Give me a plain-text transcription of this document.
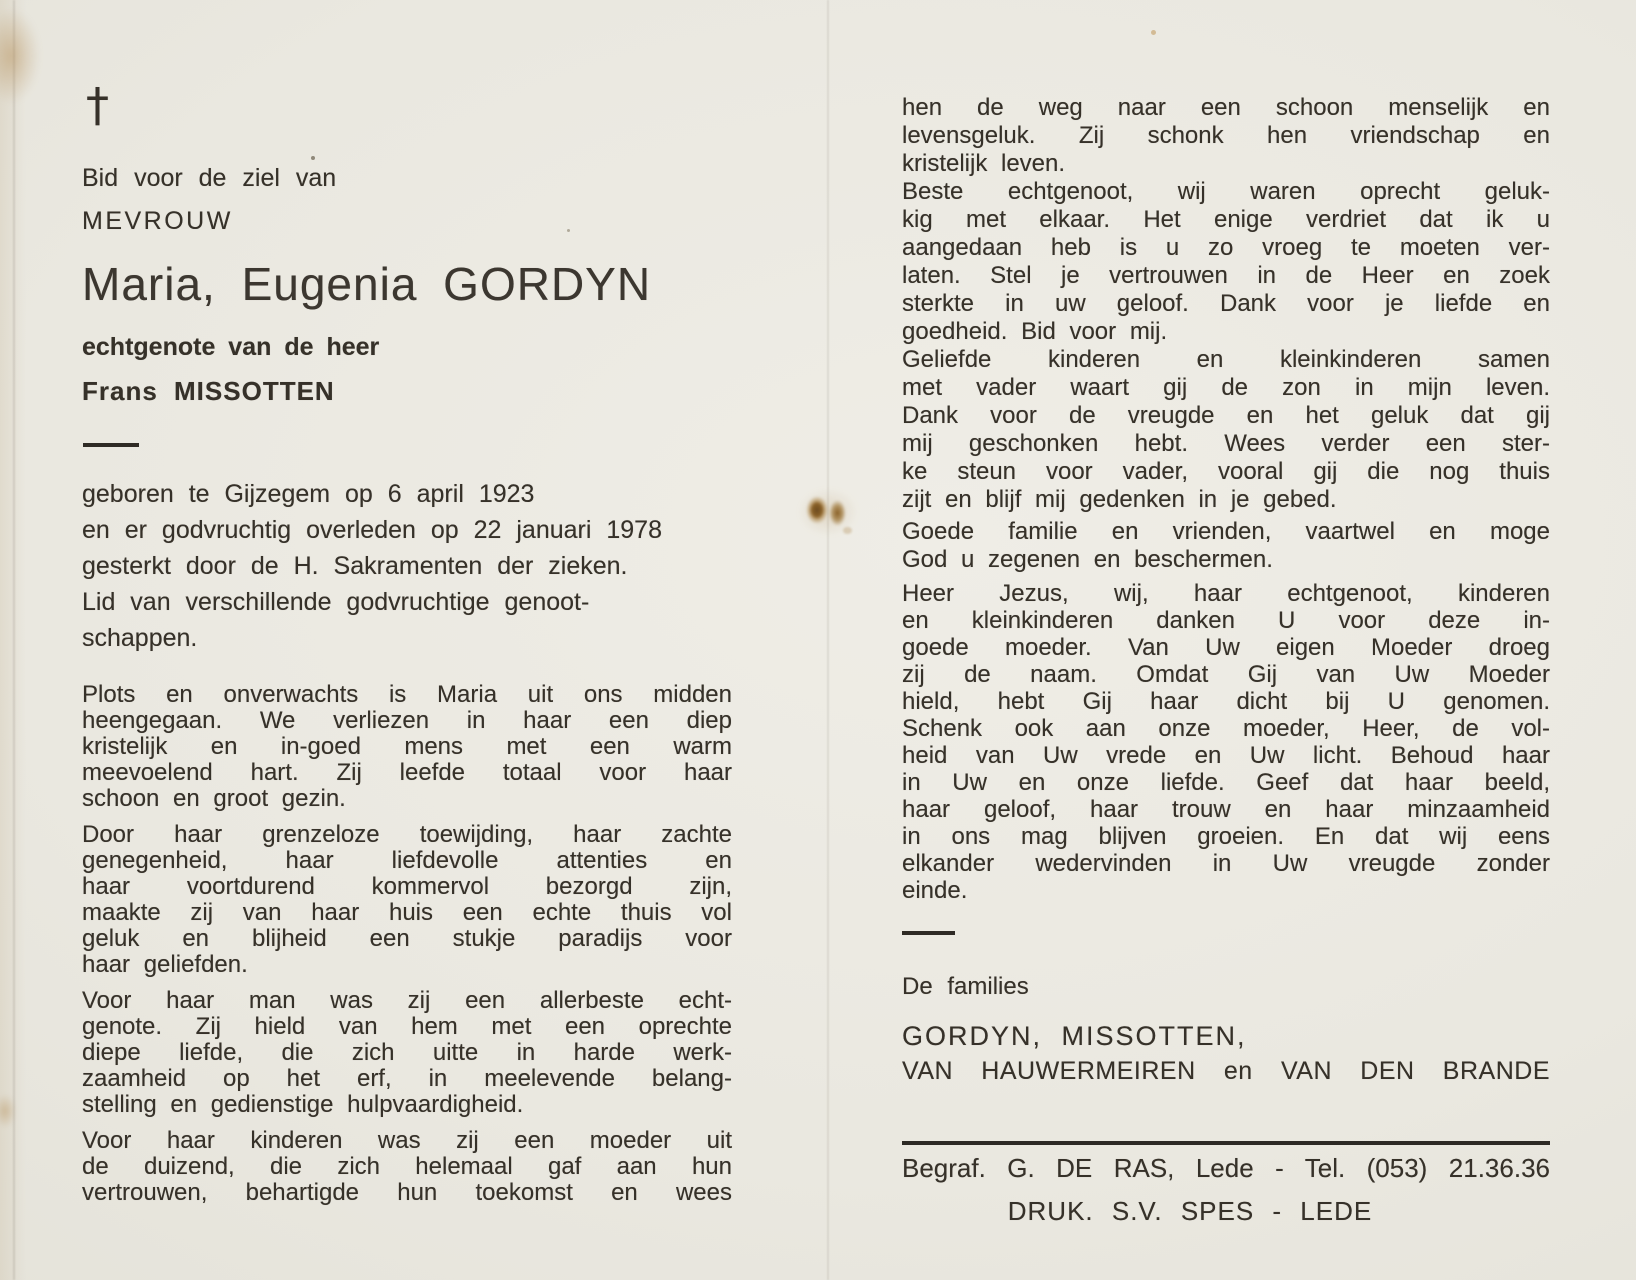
†
Bid voor de ziel van
MEVROUW
Maria, Eugenia GORDYN
echtgenote van de heer
Frans MISSOTTEN
geboren te Gijzegem op 6 april 1923
en er godvruchtig overleden op 22 januari 1978
gesterkt door de H. Sakramenten der zieken.
Lid van verschillende godvruchtige genoot-
schappen.
Plots en onverwachts is Maria uit ons midden
heengegaan. We verliezen in haar een diep
kristelijk en in-goed mens met een warm
meevoelend hart. Zij leefde totaal voor haar
schoon en groot gezin.
Door haar grenzeloze toewijding, haar zachte
genegenheid, haar liefdevolle attenties en
haar voortdurend kommervol bezorgd zijn,
maakte zij van haar huis een echte thuis vol
geluk en blijheid een stukje paradijs voor
haar geliefden.
Voor haar man was zij een allerbeste echt-
genote. Zij hield van hem met een oprechte
diepe liefde, die zich uitte in harde werk-
zaamheid op het erf, in meelevende belang-
stelling en gedienstige hulpvaardigheid.
Voor haar kinderen was zij een moeder uit
de duizend, die zich helemaal gaf aan hun
vertrouwen, behartigde hun toekomst en wees
hen de weg naar een schoon menselijk en
levensgeluk. Zij schonk hen vriendschap en
kristelijk leven.
Beste echtgenoot, wij waren oprecht geluk-
kig met elkaar. Het enige verdriet dat ik u
aangedaan heb is u zo vroeg te moeten ver-
laten. Stel je vertrouwen in de Heer en zoek
sterkte in uw geloof. Dank voor je liefde en
goedheid. Bid voor mij.
Geliefde kinderen en kleinkinderen samen
met vader waart gij de zon in mijn leven.
Dank voor de vreugde en het geluk dat gij
mij geschonken hebt. Wees verder een ster-
ke steun voor vader, vooral gij die nog thuis
zijt en blijf mij gedenken in je gebed.
Goede familie en vrienden, vaartwel en moge
God u zegenen en beschermen.
Heer Jezus, wij, haar echtgenoot, kinderen
en kleinkinderen danken U voor deze in-
goede moeder. Van Uw eigen Moeder droeg
zij de naam. Omdat Gij van Uw Moeder
hield, hebt Gij haar dicht bij U genomen.
Schenk ook aan onze moeder, Heer, de vol-
heid van Uw vrede en Uw licht. Behoud haar
in Uw en onze liefde. Geef dat haar beeld,
haar geloof, haar trouw en haar minzaamheid
in ons mag blijven groeien. En dat wij eens
elkander wedervinden in Uw vreugde zonder
einde.
De families
GORDYN, MISSOTTEN,
VAN HAUWERMEIREN en VAN DEN BRANDE
Begraf. G. DE RAS, Lede - Tel. (053) 21.36.36
DRUK. S.V. SPES - LEDE
